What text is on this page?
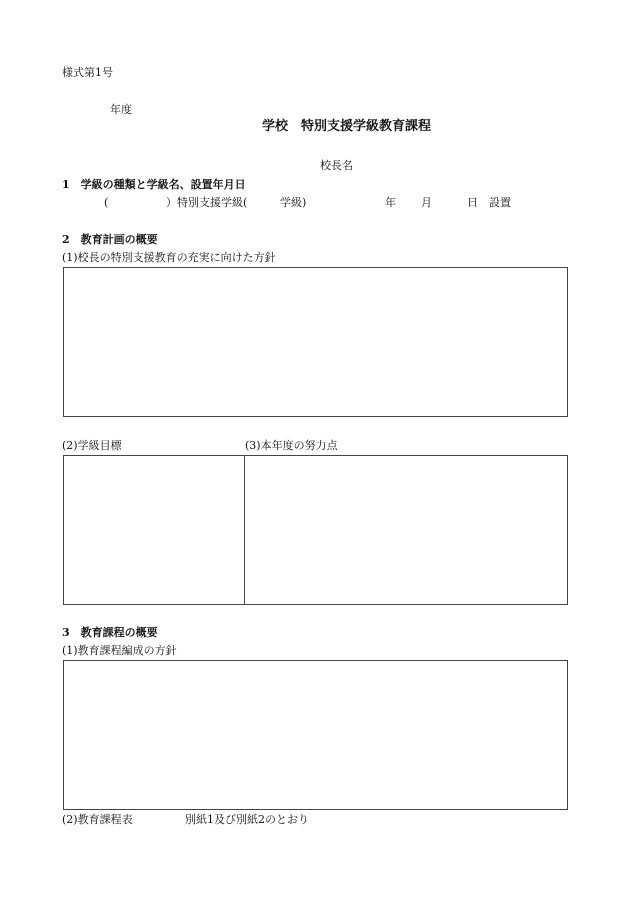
様式第1号
年度
学校　特別支援学級教育課程
校長名
1　学級の種類と学級名、設置年月日
(	）特別支援学級(	学級)	年 月	日 設置
2　教育計画の概要
(1)校長の特別支援教育の充実に向けた方針
(2)学級目標	(3)本年度の努力点
3　教育課程の概要
(1)教育課程編成の方針
(2)教育課程表	別紙1及び別紙2のとおり
